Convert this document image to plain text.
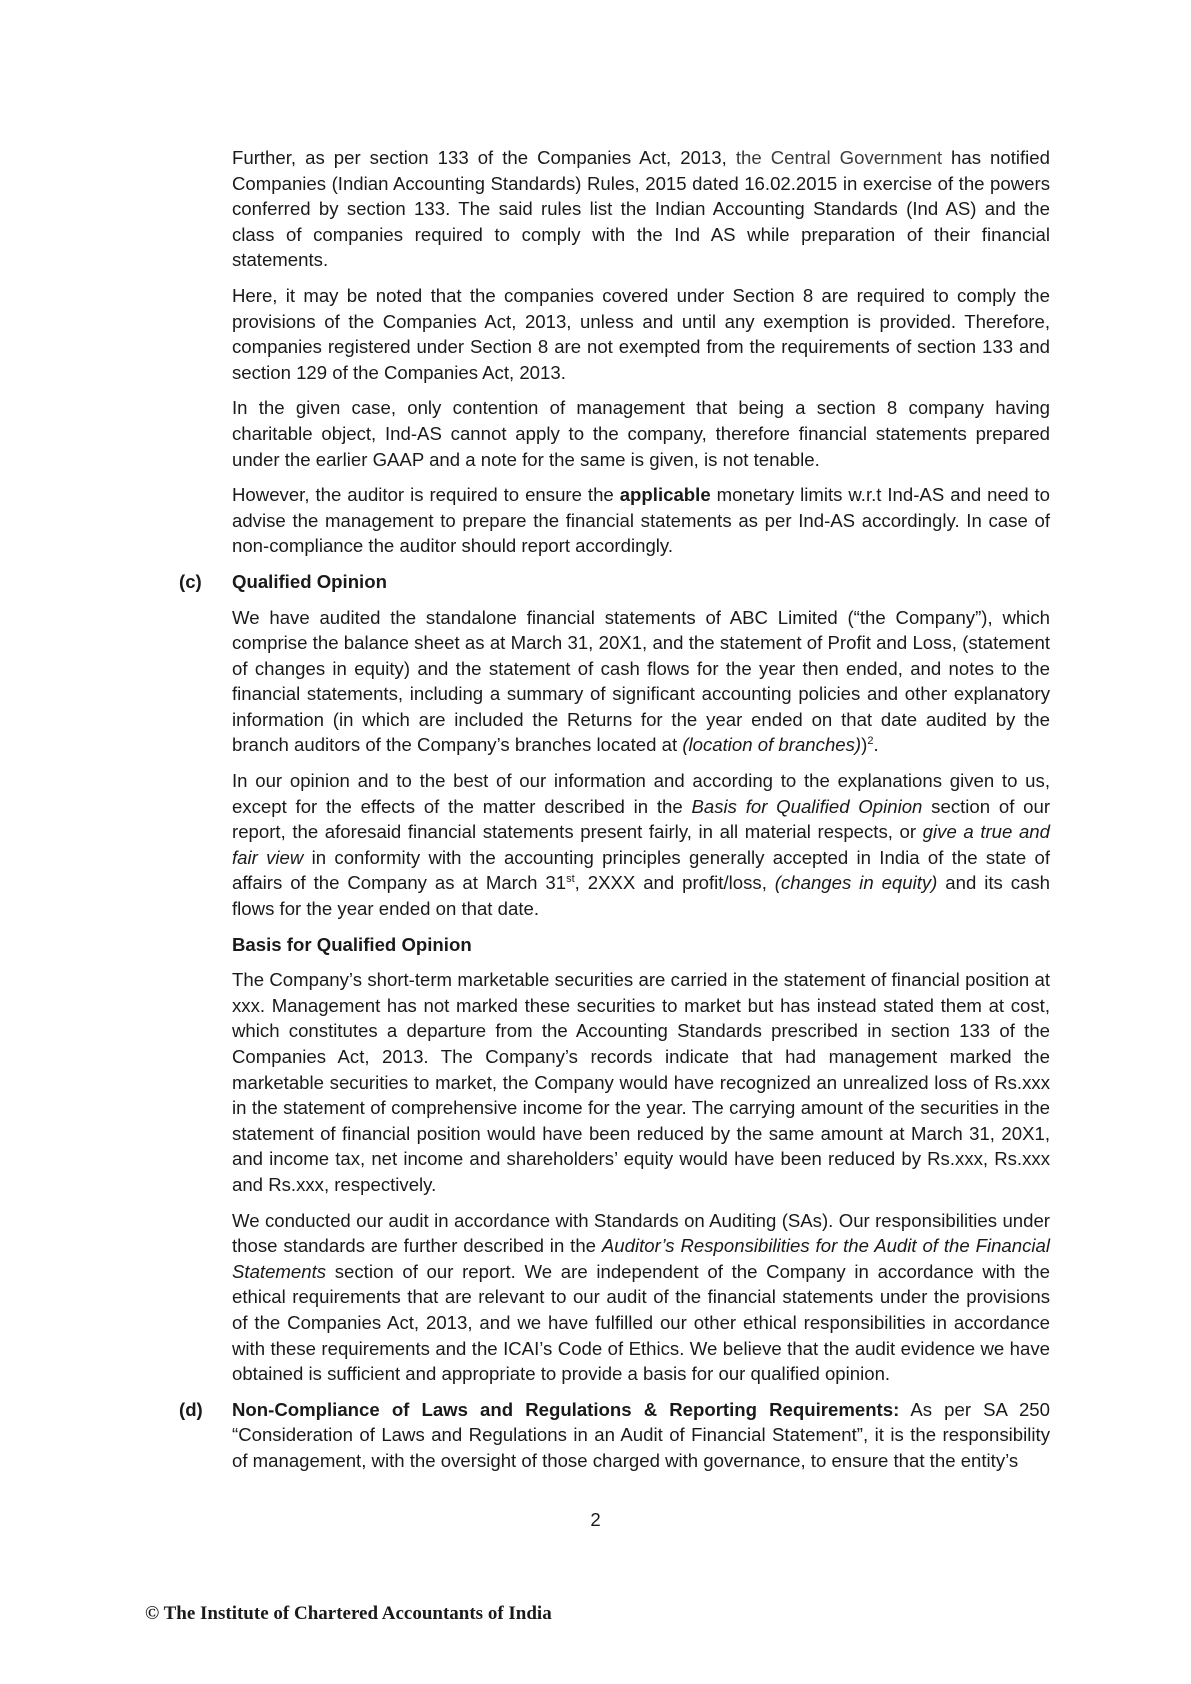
Further, as per section 133 of the Companies Act, 2013, the Central Government has notified Companies (Indian Accounting Standards) Rules, 2015 dated 16.02.2015 in exercise of the powers conferred by section 133. The said rules list the Indian Accounting Standards (Ind AS) and the class of companies required to comply with the Ind AS while preparation of their financial statements.

Here, it may be noted that the companies covered under Section 8 are required to comply the provisions of the Companies Act, 2013, unless and until any exemption is provided. Therefore, companies registered under Section 8 are not exempted from the requirements of section 133 and section 129 of the Companies Act, 2013.

In the given case, only contention of management that being a section 8 company having charitable object, Ind-AS cannot apply to the company, therefore financial statements prepared under the earlier GAAP and a note for the same is given, is not tenable.

However, the auditor is required to ensure the applicable monetary limits w.r.t Ind-AS and need to advise the management to prepare the financial statements as per Ind-AS accordingly. In case of non-compliance the auditor should report accordingly.

(c) Qualified Opinion

We have audited the standalone financial statements of ABC Limited (“the Company”), which comprise the balance sheet as at March 31, 20X1, and the statement of Profit and Loss, (statement of changes in equity) and the statement of cash flows for the year then ended, and notes to the financial statements, including a summary of significant accounting policies and other explanatory information (in which are included the Returns for the year ended on that date audited by the branch auditors of the Company’s branches located at (location of branches))$^2$.

In our opinion and to the best of our information and according to the explanations given to us, except for the effects of the matter described in the Basis for Qualified Opinion section of our report, the aforesaid financial statements present fairly, in all material respects, or give a true and fair view in conformity with the accounting principles generally accepted in India of the state of affairs of the Company as at March 31st, 2XXX and profit/loss, (changes in equity) and its cash flows for the year ended on that date.

Basis for Qualified Opinion

The Company’s short-term marketable securities are carried in the statement of financial position at xxx. Management has not marked these securities to market but has instead stated them at cost, which constitutes a departure from the Accounting Standards prescribed in section 133 of the Companies Act, 2013. The Company’s records indicate that had management marked the marketable securities to market, the Company would have recognized an unrealized loss of Rs.xxx in the statement of comprehensive income for the year. The carrying amount of the securities in the statement of financial position would have been reduced by the same amount at March 31, 20X1, and income tax, net income and shareholders’ equity would have been reduced by Rs.xxx, Rs.xxx and Rs.xxx, respectively.

We conducted our audit in accordance with Standards on Auditing (SAs). Our responsibilities under those standards are further described in the Auditor’s Responsibilities for the Audit of the Financial Statements section of our report. We are independent of the Company in accordance with the ethical requirements that are relevant to our audit of the financial statements under the provisions of the Companies Act, 2013, and we have fulfilled our other ethical responsibilities in accordance with these requirements and the ICAI’s Code of Ethics. We believe that the audit evidence we have obtained is sufficient and appropriate to provide a basis for our qualified opinion.

(d) Non-Compliance of Laws and Regulations & Reporting Requirements: As per SA 250 “Consideration of Laws and Regulations in an Audit of Financial Statement”, it is the responsibility of management, with the oversight of those charged with governance, to ensure that the entity’s

2
© The Institute of Chartered Accountants of India
